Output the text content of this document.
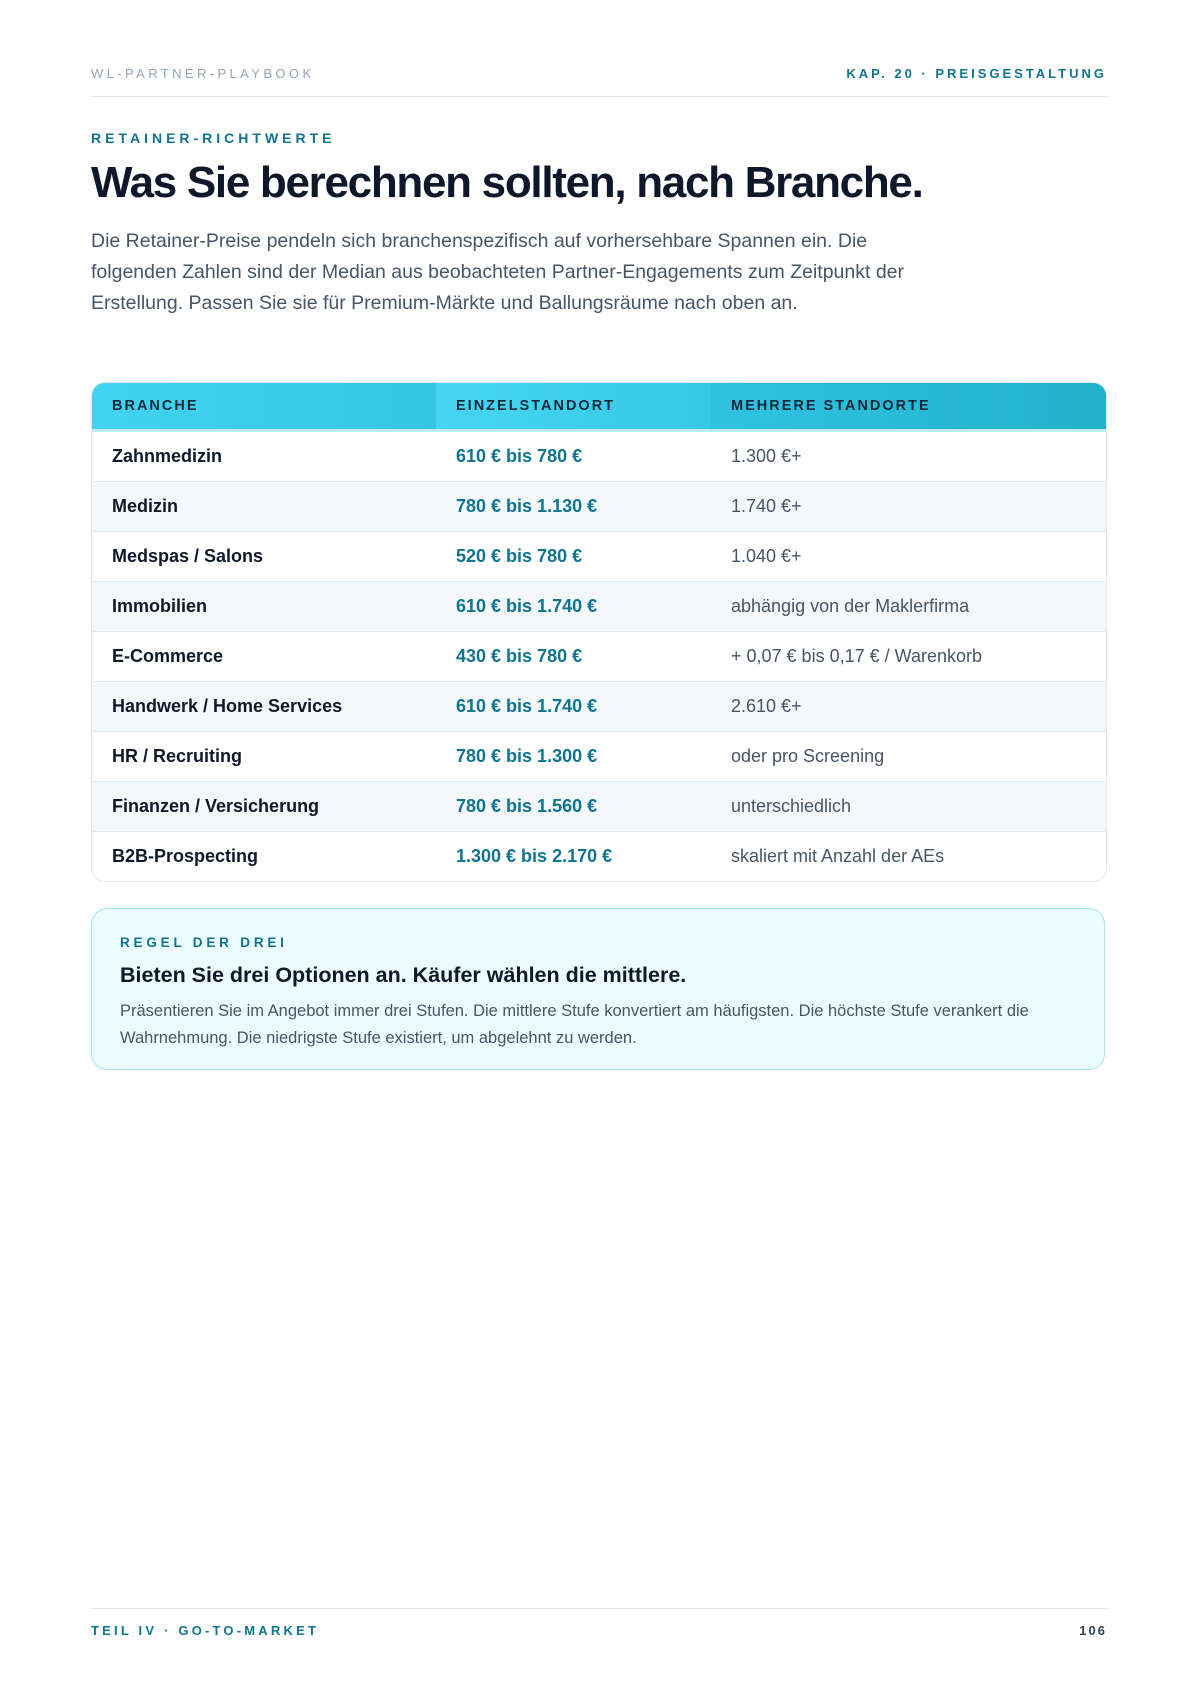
WL-PARTNER-PLAYBOOK	KAP. 20 · PREISGESTALTUNG
RETAINER-RICHTWERTE
Was Sie berechnen sollten, nach Branche.

Die Retainer-Preise pendeln sich branchenspezifisch auf vorhersehbare Spannen ein. Die folgenden Zahlen sind der Median aus beobachteten Partner-Engagements zum Zeitpunkt der Erstellung. Passen Sie sie für Premium-Märkte und Ballungsräume nach oben an.

BRANCHE	EINZELSTANDORT	MEHRERE STANDORTE
Zahnmedizin	610 € bis 780 €	1.300 €+
Medizin	780 € bis 1.130 €	1.740 €+
Medspas / Salons	520 € bis 780 €	1.040 €+
Immobilien	610 € bis 1.740 €	abhängig von der Maklerfirma
E-Commerce	430 € bis 780 €	+ 0,07 € bis 0,17 € / Warenkorb
Handwerk / Home Services	610 € bis 1.740 €	2.610 €+
HR / Recruiting	780 € bis 1.300 €	oder pro Screening
Finanzen / Versicherung	780 € bis 1.560 €	unterschiedlich
B2B-Prospecting	1.300 € bis 2.170 €	skaliert mit Anzahl der AEs

REGEL DER DREI

Bieten Sie drei Optionen an. Käufer wählen die mittlere.

Präsentieren Sie im Angebot immer drei Stufen. Die mittlere Stufe konvertiert am häufigsten. Die höchste Stufe verankert die Wahrnehmung. Die niedrigste Stufe existiert, um abgelehnt zu werden.

TEIL IV · GO-TO-MARKET	106
